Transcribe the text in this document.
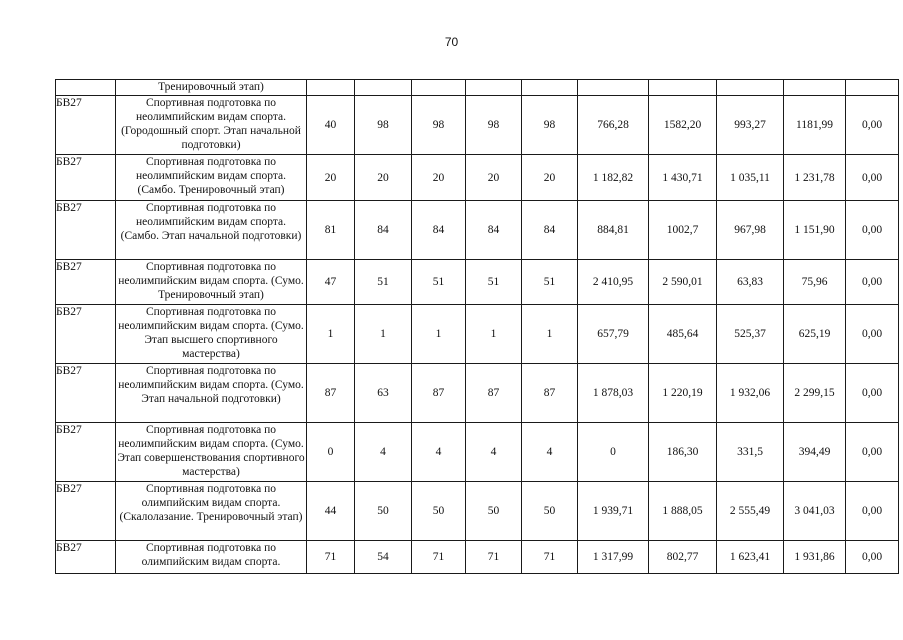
70
	Тренировочный этап)										
БВ27	Спортивная подготовка по неолимпийским видам спорта. (Городошный спорт. Этап начальной подготовки)	40	98	98	98	98	766,28	1582,20	993,27	1181,99	0,00
БВ27	Спортивная подготовка по неолимпийским видам спорта. (Самбо. Тренировочный этап)	20	20	20	20	20	1 182,82	1 430,71	1 035,11	1 231,78	0,00
БВ27	Спортивная подготовка по неолимпийским видам спорта. (Самбо. Этап начальной подготовки)	81	84	84	84	84	884,81	1002,7	967,98	1 151,90	0,00
БВ27	Спортивная подготовка по неолимпийским видам спорта. (Сумо. Тренировочный этап)	47	51	51	51	51	2 410,95	2 590,01	63,83	75,96	0,00
БВ27	Спортивная подготовка по неолимпийским видам спорта. (Сумо. Этап высшего спортивного мастерства)	1	1	1	1	1	657,79	485,64	525,37	625,19	0,00
БВ27	Спортивная подготовка по неолимпийским видам спорта. (Сумо. Этап начальной подготовки)	87	63	87	87	87	1 878,03	1 220,19	1 932,06	2 299,15	0,00
БВ27	Спортивная подготовка по неолимпийским видам спорта. (Сумо. Этап совершенствования спортивного мастерства)	0	4	4	4	4	0	186,30	331,5	394,49	0,00
БВ27	Спортивная подготовка по олимпийским видам спорта. (Скалолазание. Тренировочный этап)	44	50	50	50	50	1 939,71	1 888,05	2 555,49	3 041,03	0,00
БВ27	Спортивная подготовка по олимпийским видам спорта.	71	54	71	71	71	1 317,99	802,77	1 623,41	1 931,86	0,00
